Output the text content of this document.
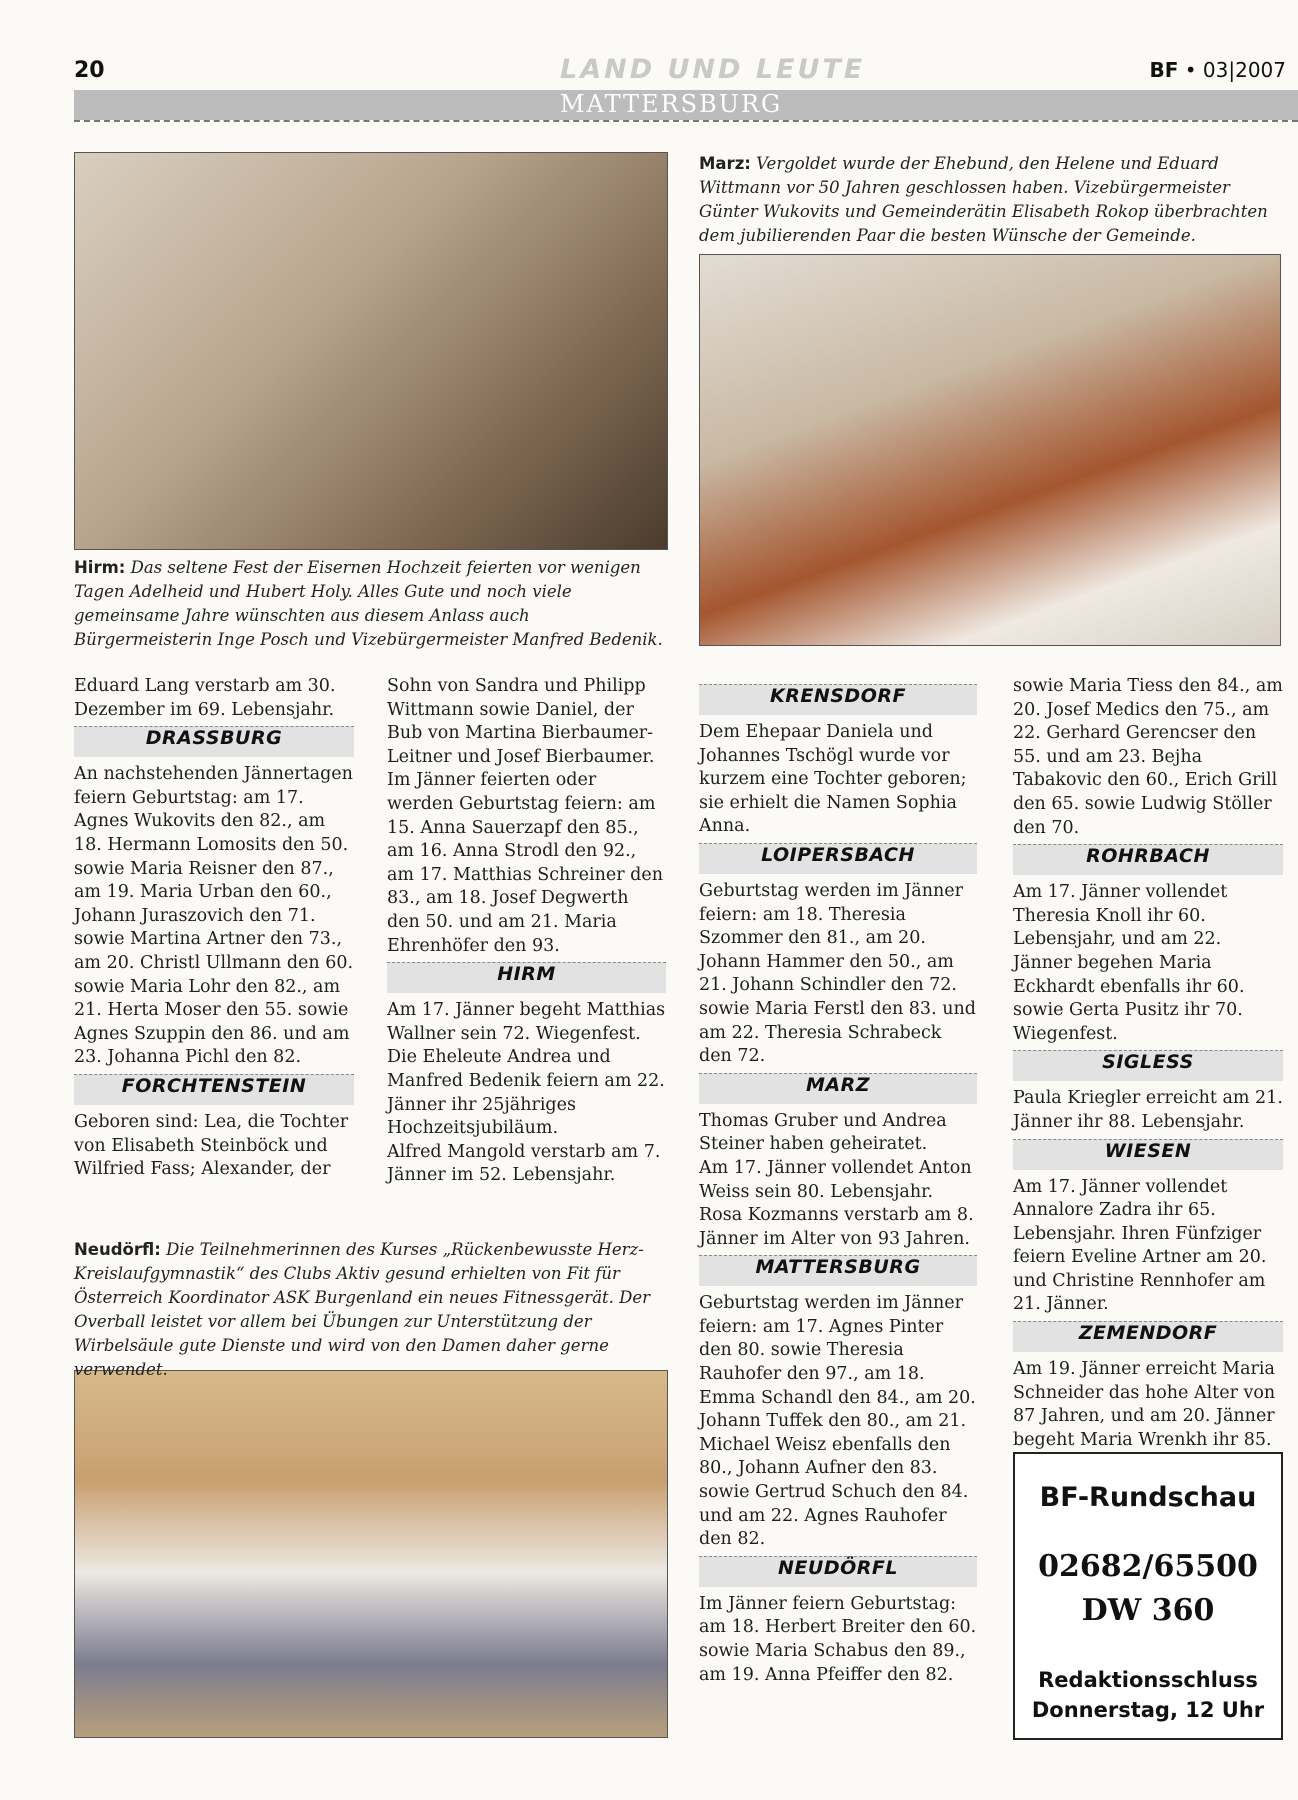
20	LAND UND LEUTE	BF • 03|2007
MATTERSBURG
Hirm: Das seltene Fest der Eisernen Hochzeit feierten vor wenigen Tagen Adelheid und Hubert Holy. Alles Gute und noch viele gemeinsame Jahre wünschten aus diesem Anlass auch Bürgermeisterin Inge Posch und Vizebürgermeister Manfred Bedenik.
Marz: Vergoldet wurde der Ehebund, den Helene und Eduard Wittmann vor 50 Jahren geschlossen haben. Vizebürgermeister Günter Wukovits und Gemeinderätin Elisabeth Rokop überbrachten dem jubilierenden Paar die besten Wünsche der Gemeinde.
Neudörfl: Die Teilnehmerinnen des Kurses „Rückenbewusste Herz-Kreislaufgymnastik“ des Clubs Aktiv gesund erhielten von Fit für Österreich Koordinator ASK Burgenland ein neues Fitnessgerät. Der Overball leistet vor allem bei Übungen zur Unterstützung der Wirbelsäule gute Dienste und wird von den Damen daher gerne verwendet.

Eduard Lang verstarb am 30. Dezember im 69. Lebensjahr.

DRASSBURG

An nachstehenden Jännertagen feiern Geburtstag: am 17. Agnes Wukovits den 82., am 18. Hermann Lomosits den 50. sowie Maria Reisner den 87., am 19. Maria Urban den 60., Johann Juraszovich den 71. sowie Martina Artner den 73., am 20. Christl Ullmann den 60. sowie Maria Lohr den 82., am 21. Herta Moser den 55. sowie Agnes Szuppin den 86. und am 23. Johanna Pichl den 82.

FORCHTENSTEIN

Geboren sind: Lea, die Tochter von Elisabeth Steinböck und Wilfried Fass; Alexander, der

Sohn von Sandra und Philipp Wittmann sowie Daniel, der Bub von Martina Bierbaumer-Leitner und Josef Bierbaumer. Im Jänner feierten oder werden Geburtstag feiern: am 15. Anna Sauerzapf den 85., am 16. Anna Strodl den 92., am 17. Matthias Schreiner den 83., am 18. Josef Degwerth den 50. und am 21. Maria Ehrenhöfer den 93.

HIRM

Am 17. Jänner begeht Matthias Wallner sein 72. Wiegenfest.

Die Eheleute Andrea und Manfred Bedenik feiern am 22. Jänner ihr 25jähriges Hochzeitsjubiläum.

Alfred Mangold verstarb am 7. Jänner im 52. Lebensjahr.

KRENSDORF

Dem Ehepaar Daniela und Johannes Tschögl wurde vor kurzem eine Tochter geboren; sie erhielt die Namen Sophia Anna.

LOIPERSBACH

Geburtstag werden im Jänner feiern: am 18. Theresia Szommer den 81., am 20. Johann Hammer den 50., am 21. Johann Schindler den 72. sowie Maria Ferstl den 83. und am 22. Theresia Schrabeck den 72.

MARZ

Thomas Gruber und Andrea Steiner haben geheiratet.

Am 17. Jänner vollendet Anton Weiss sein 80. Lebensjahr.

Rosa Kozmanns verstarb am 8. Jänner im Alter von 93 Jahren.

MATTERSBURG

Geburtstag werden im Jänner feiern: am 17. Agnes Pinter den 80. sowie Theresia Rauhofer den 97., am 18. Emma Schandl den 84., am 20. Johann Tuffek den 80., am 21. Michael Weisz ebenfalls den 80., Johann Aufner den 83. sowie Gertrud Schuch den 84. und am 22. Agnes Rauhofer den 82.

NEUDÖRFL

Im Jänner feiern Geburtstag: am 18. Herbert Breiter den 60. sowie Maria Schabus den 89., am 19. Anna Pfeiffer den 82.

sowie Maria Tiess den 84., am 20. Josef Medics den 75., am 22. Gerhard Gerencser den 55. und am 23. Bejha Tabakovic den 60., Erich Grill den 65. sowie Ludwig Stöller den 70.

ROHRBACH

Am 17. Jänner vollendet Theresia Knoll ihr 60. Lebensjahr, und am 22. Jänner begehen Maria Eckhardt ebenfalls ihr 60. sowie Gerta Pusitz ihr 70. Wiegenfest.

SIGLESS

Paula Kriegler erreicht am 21. Jänner ihr 88. Lebensjahr.

WIESEN

Am 17. Jänner vollendet Annalore Zadra ihr 65. Lebensjahr. Ihren Fünfziger feiern Eveline Artner am 20. und Christine Rennhofer am 21. Jänner.

ZEMENDORF

Am 19. Jänner erreicht Maria Schneider das hohe Alter von 87 Jahren, und am 20. Jänner begeht Maria Wrenkh ihr 85.

BF-Rundschau
02682/65500
DW 360
Redaktionsschluss
Donnerstag, 12 Uhr
